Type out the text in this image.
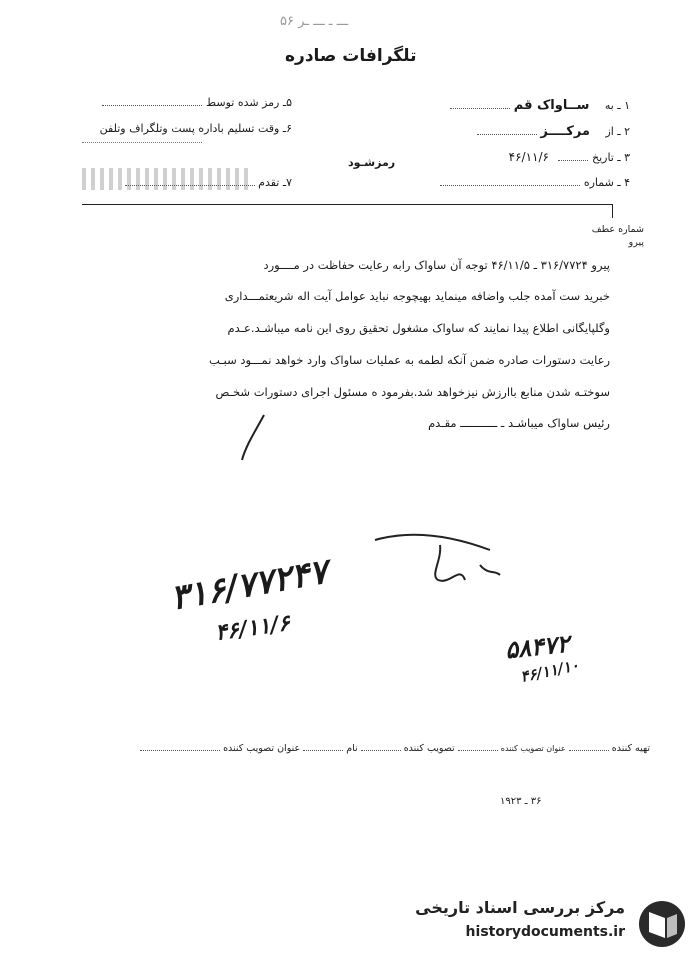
ـــ ـ ـــ ـر ۵۶
تلگرافات صادره
۱ ـ به ســاواک قم
۲ ـ از مرکــــز
۳ ـ تاریخ  ۴۶/۱۱/۶
۴ ـ شماره
۵ـ رمز شده توسط
۶ـ وقت تسلیم باداره پست وتلگراف وتلفن
۷ـ تقدم
رمزشـود
شماره عطف
پیرو
پیرو ۳۱۶/۷۷۲۴ ـ ۴۶/۱۱/۵ توجه آن ساواک رابه رعایت حفاظت در مــــورد
خبرید ست آمده جلب واضافه مینماید بهیچوجه نباید عوامل آیت اله شریعتمـــداری
وگلپایگانی اطلاع پیدا نمایند که ساواک مشغول تحقیق روی این نامه میباشـد.عـدم
رعایت دستورات صادره ضمن آنکه لطمه به عملیات ساواک وارد خواهد نمـــود سبـب
سوختـه شدن منابع باارزش نیزخواهد شد.بفرمود ه مسئول اجرای دستورات شخـص
رئیس ساواک میباشـد ـ ـــــــــــ مقـدم
۳۱۶/۷۷۲۴۷
۴۶/۱۱/۶
۵۸۴۷۲
۴۶/۱۱/۱۰
تهیه کننده  عنوان تصویب کننده  تصویب کننده  نام  عنوان تصویب کننده
۳۶ ـ ۱۹۲۳
مرکز بررسی اسناد تاریخی
historydocuments.ir
